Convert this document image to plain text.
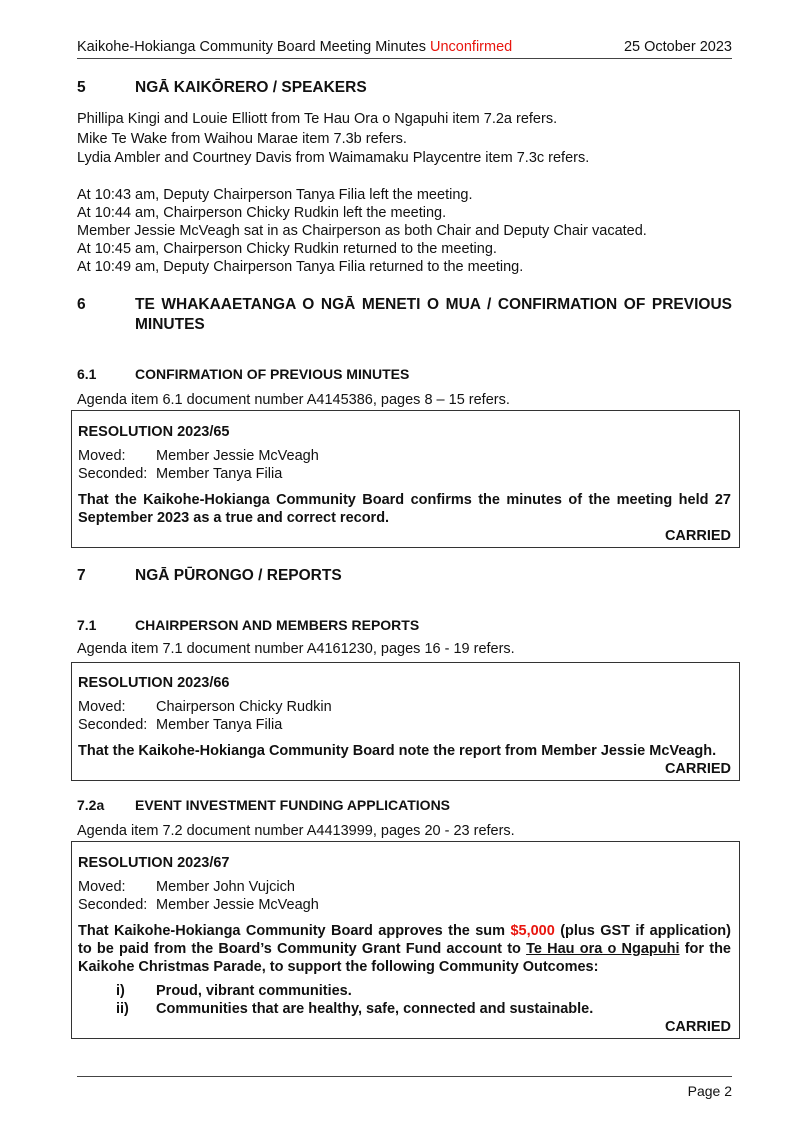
Kaikohe-Hokianga Community Board Meeting Minutes Unconfirmed	25 October 2023
5	NGĀ KAIKŌRERO / SPEAKERS

Phillipa Kingi and Louie Elliott from Te Hau Ora o Ngapuhi item 7.2a refers.

Mike Te Wake from Waihou Marae item 7.3b refers.

Lydia Ambler and Courtney Davis from Waimamaku Playcentre item 7.3c refers.

At 10:43 am, Deputy Chairperson Tanya Filia left the meeting.
At 10:44 am, Chairperson Chicky Rudkin left the meeting.
Member Jessie McVeagh sat in as Chairperson as both Chair and Deputy Chair vacated.
At 10:45 am, Chairperson Chicky Rudkin returned to the meeting.
At 10:49 am, Deputy Chairperson Tanya Filia returned to the meeting.
6	TE WHAKAAETANGA O NGĀ MENETI O MUA / CONFIRMATION OF PREVIOUS MINUTES
6.1	CONFIRMATION OF PREVIOUS MINUTES

Agenda item 6.1 document number A4145386, pages 8 – 15 refers.

RESOLUTION 2023/65
Moved:	Member Jessie McVeagh
Seconded: Member Tanya Filia
That the Kaikohe-Hokianga Community Board confirms the minutes of the meeting held 27 September 2023 as a true and correct record.
CARRIED
7	NGĀ PŪRONGO / REPORTS
7.1	CHAIRPERSON AND MEMBERS REPORTS

Agenda item 7.1 document number A4161230, pages 16 - 19 refers.

RESOLUTION 2023/66
Moved:	Chairperson Chicky Rudkin
Seconded: Member Tanya Filia
That the Kaikohe-Hokianga Community Board note the report from Member Jessie McVeagh.
CARRIED
7.2a	EVENT INVESTMENT FUNDING APPLICATIONS

Agenda item 7.2 document number A4413999, pages 20 - 23 refers.

RESOLUTION 2023/67
Moved:	Member John Vujcich
Seconded: Member Jessie McVeagh
That Kaikohe-Hokianga Community Board approves the sum $5,000 (plus GST if application) to be paid from the Board’s Community Grant Fund account to Te Hau ora o Ngapuhi for the Kaikohe Christmas Parade, to support the following Community Outcomes:
i)	Proud, vibrant communities.
ii)	Communities that are healthy, safe, connected and sustainable.
CARRIED
Page 2
